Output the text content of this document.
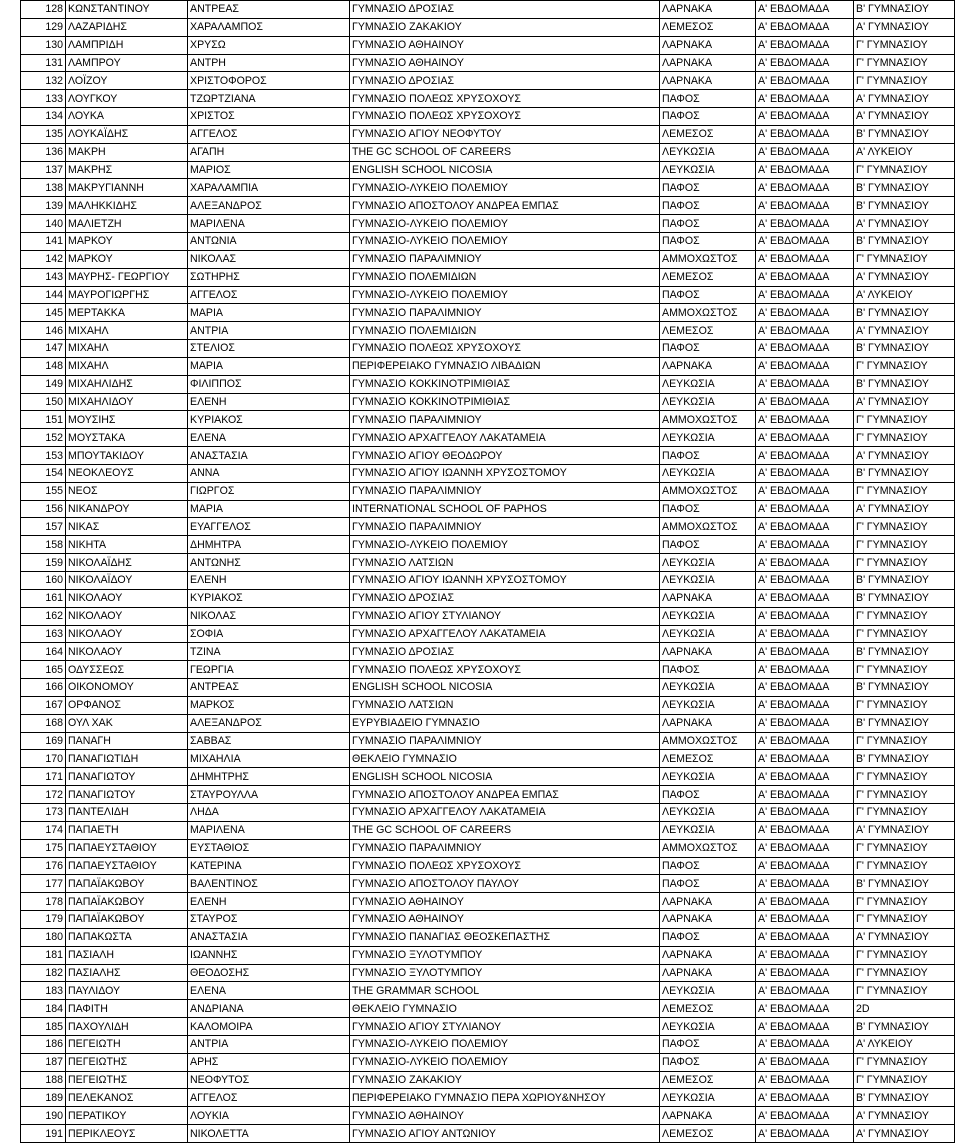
128	ΚΩΝΣΤΑΝΤΙΝΟΥ	ΑΝΤΡΕΑΣ	ΓΥΜΝΑΣΙΟ ΔΡΟΣΙΑΣ	ΛΑΡΝΑΚΑ	Α' ΕΒΔΟΜΑΔΑ	Β' ΓΥΜΝΑΣΙΟΥ
129	ΛΑΖΑΡΙΔΗΣ	ΧΑΡΑΛΑΜΠΟΣ	ΓΥΜΝΑΣΙΟ ΖΑΚΑΚΙΟΥ	ΛΕΜΕΣΟΣ	Α' ΕΒΔΟΜΑΔΑ	Α' ΓΥΜΝΑΣΙΟΥ
130	ΛΑΜΠΡΙΔΗ	ΧΡΥΣΩ	ΓΥΜΝΑΣΙΟ ΑΘΗΑΙΝΟΥ	ΛΑΡΝΑΚΑ	Α' ΕΒΔΟΜΑΔΑ	Γ' ΓΥΜΝΑΣΙΟΥ
131	ΛΑΜΠΡΟΥ	ΑΝΤΡΗ	ΓΥΜΝΑΣΙΟ ΑΘΗΑΙΝΟΥ	ΛΑΡΝΑΚΑ	Α' ΕΒΔΟΜΑΔΑ	Γ' ΓΥΜΝΑΣΙΟΥ
132	ΛΟΪΖΟΥ	ΧΡΙΣΤΟΦΟΡΟΣ	ΓΥΜΝΑΣΙΟ ΔΡΟΣΙΑΣ	ΛΑΡΝΑΚΑ	Α' ΕΒΔΟΜΑΔΑ	Γ' ΓΥΜΝΑΣΙΟΥ
133	ΛΟΥΓΚΟΥ	ΤΖΩΡΤΖΙΑΝΑ	ΓΥΜΝΑΣΙΟ ΠΟΛΕΩΣ ΧΡΥΣΟΧΟΥΣ	ΠΑΦΟΣ	Α' ΕΒΔΟΜΑΔΑ	Α' ΓΥΜΝΑΣΙΟΥ
134	ΛΟΥΚΑ	ΧΡΙΣΤΟΣ	ΓΥΜΝΑΣΙΟ ΠΟΛΕΩΣ ΧΡΥΣΟΧΟΥΣ	ΠΑΦΟΣ	Α' ΕΒΔΟΜΑΔΑ	Α' ΓΥΜΝΑΣΙΟΥ
135	ΛΟΥΚΑΪΔΗΣ	ΑΓΓΕΛΟΣ	ΓΥΜΝΑΣΙΟ ΑΓΙΟΥ ΝΕΟΦΥΤΟΥ	ΛΕΜΕΣΟΣ	Α' ΕΒΔΟΜΑΔΑ	Β' ΓΥΜΝΑΣΙΟΥ
136	ΜΑΚΡΗ	ΑΓΑΠΗ	THE GC SCHOOL OF CAREERS	ΛΕΥΚΩΣΙΑ	Α' ΕΒΔΟΜΑΔΑ	Α' ΛΥΚΕΙΟΥ
137	ΜΑΚΡΗΣ	ΜΑΡΙΟΣ	ENGLISH SCHOOL NICOSIA	ΛΕΥΚΩΣΙΑ	Α' ΕΒΔΟΜΑΔΑ	Γ' ΓΥΜΝΑΣΙΟΥ
138	ΜΑΚΡΥΓΙΑΝΝΗ	ΧΑΡΑΛΑΜΠΙΑ	ΓΥΜΝΑΣΙΟ-ΛΥΚΕΙΟ ΠΟΛΕΜΙΟΥ	ΠΑΦΟΣ	Α' ΕΒΔΟΜΑΔΑ	Β' ΓΥΜΝΑΣΙΟΥ
139	ΜΑΛΗΚΚΙΔΗΣ	ΑΛΕΞΑΝΔΡΟΣ	ΓΥΜΝΑΣΙΟ ΑΠΟΣΤΟΛΟΥ ΑΝΔΡΕΑ ΕΜΠΑΣ	ΠΑΦΟΣ	Α' ΕΒΔΟΜΑΔΑ	Β' ΓΥΜΝΑΣΙΟΥ
140	ΜΑΛΙΕΤΖΗ	ΜΑΡΙΛΕΝΑ	ΓΥΜΝΑΣΙΟ-ΛΥΚΕΙΟ ΠΟΛΕΜΙΟΥ	ΠΑΦΟΣ	Α' ΕΒΔΟΜΑΔΑ	Α' ΓΥΜΝΑΣΙΟΥ
141	ΜΑΡΚΟΥ	ΑΝΤΩΝΙΑ	ΓΥΜΝΑΣΙΟ-ΛΥΚΕΙΟ ΠΟΛΕΜΙΟΥ	ΠΑΦΟΣ	Α' ΕΒΔΟΜΑΔΑ	Β' ΓΥΜΝΑΣΙΟΥ
142	ΜΑΡΚΟΥ	ΝΙΚΟΛΑΣ	ΓΥΜΝΑΣΙΟ ΠΑΡΑΛΙΜΝΙΟΥ	ΑΜΜΟΧΩΣΤΟΣ	Α' ΕΒΔΟΜΑΔΑ	Γ' ΓΥΜΝΑΣΙΟΥ
143	ΜΑΥΡΗΣ- ΓΕΩΡΓΙΟΥ	ΣΩΤΗΡΗΣ	ΓΥΜΝΑΣΙΟ ΠΟΛΕΜΙΔΙΩΝ	ΛΕΜΕΣΟΣ	Α' ΕΒΔΟΜΑΔΑ	Α' ΓΥΜΝΑΣΙΟΥ
144	ΜΑΥΡΟΓΙΩΡΓΗΣ	ΑΓΓΕΛΟΣ	ΓΥΜΝΑΣΙΟ-ΛΥΚΕΙΟ ΠΟΛΕΜΙΟΥ	ΠΑΦΟΣ	Α' ΕΒΔΟΜΑΔΑ	Α' ΛΥΚΕΙΟΥ
145	ΜΕΡΤΑΚΚΑ	ΜΑΡΙΑ	ΓΥΜΝΑΣΙΟ ΠΑΡΑΛΙΜΝΙΟΥ	ΑΜΜΟΧΩΣΤΟΣ	Α' ΕΒΔΟΜΑΔΑ	Β' ΓΥΜΝΑΣΙΟΥ
146	ΜΙΧΑΗΛ	ΑΝΤΡΙΑ	ΓΥΜΝΑΣΙΟ ΠΟΛΕΜΙΔΙΩΝ	ΛΕΜΕΣΟΣ	Α' ΕΒΔΟΜΑΔΑ	Α' ΓΥΜΝΑΣΙΟΥ
147	ΜΙΧΑΗΛ	ΣΤΕΛΙΟΣ	ΓΥΜΝΑΣΙΟ ΠΟΛΕΩΣ ΧΡΥΣΟΧΟΥΣ	ΠΑΦΟΣ	Α' ΕΒΔΟΜΑΔΑ	Β' ΓΥΜΝΑΣΙΟΥ
148	ΜΙΧΑΗΛ	ΜΑΡΙΑ	ΠΕΡΙΦΕΡΕΙΑΚΟ ΓΥΜΝΑΣΙΟ ΛΙΒΑΔΙΩΝ	ΛΑΡΝΑΚΑ	Α' ΕΒΔΟΜΑΔΑ	Γ' ΓΥΜΝΑΣΙΟΥ
149	ΜΙΧΑΗΛΙΔΗΣ	ΦΙΛΙΠΠΟΣ	ΓΥΜΝΑΣΙΟ ΚΟΚΚΙΝΟΤΡΙΜΙΘΙΑΣ	ΛΕΥΚΩΣΙΑ	Α' ΕΒΔΟΜΑΔΑ	Β' ΓΥΜΝΑΣΙΟΥ
150	ΜΙΧΑΗΛΙΔΟΥ	ΕΛΕΝΗ	ΓΥΜΝΑΣΙΟ ΚΟΚΚΙΝΟΤΡΙΜΙΘΙΑΣ	ΛΕΥΚΩΣΙΑ	Α' ΕΒΔΟΜΑΔΑ	Α' ΓΥΜΝΑΣΙΟΥ
151	ΜΟΥΣΙΗΣ	ΚΥΡΙΑΚΟΣ	ΓΥΜΝΑΣΙΟ ΠΑΡΑΛΙΜΝΙΟΥ	ΑΜΜΟΧΩΣΤΟΣ	Α' ΕΒΔΟΜΑΔΑ	Γ' ΓΥΜΝΑΣΙΟΥ
152	ΜΟΥΣΤΑΚΑ	ΕΛΕΝΑ	ΓΥΜΝΑΣΙΟ ΑΡΧΑΓΓΕΛΟΥ ΛΑΚΑΤΑΜΕΙΑ	ΛΕΥΚΩΣΙΑ	Α' ΕΒΔΟΜΑΔΑ	Γ' ΓΥΜΝΑΣΙΟΥ
153	ΜΠΟΥΤΑΚΙΔΟΥ	ΑΝΑΣΤΑΣΙΑ	ΓΥΜΝΑΣΙΟ ΑΓΙΟΥ ΘΕΟΔΩΡΟΥ	ΠΑΦΟΣ	Α' ΕΒΔΟΜΑΔΑ	Α' ΓΥΜΝΑΣΙΟΥ
154	ΝΕΟΚΛΕΟΥΣ	ΑΝΝΑ	ΓΥΜΝΑΣΙΟ ΑΓΙΟΥ ΙΩΑΝΝΗ ΧΡΥΣΟΣΤΟΜΟΥ	ΛΕΥΚΩΣΙΑ	Α' ΕΒΔΟΜΑΔΑ	Β' ΓΥΜΝΑΣΙΟΥ
155	ΝΕΟΣ	ΓΙΩΡΓΟΣ	ΓΥΜΝΑΣΙΟ ΠΑΡΑΛΙΜΝΙΟΥ	ΑΜΜΟΧΩΣΤΟΣ	Α' ΕΒΔΟΜΑΔΑ	Γ' ΓΥΜΝΑΣΙΟΥ
156	ΝΙΚΑΝΔΡΟΥ	ΜΑΡΙΑ	INTERNATIONAL SCHOOL OF PAPHOS	ΠΑΦΟΣ	Α' ΕΒΔΟΜΑΔΑ	Α' ΓΥΜΝΑΣΙΟΥ
157	ΝΙΚΑΣ	ΕΥΑΓΓΕΛΟΣ	ΓΥΜΝΑΣΙΟ ΠΑΡΑΛΙΜΝΙΟΥ	ΑΜΜΟΧΩΣΤΟΣ	Α' ΕΒΔΟΜΑΔΑ	Γ' ΓΥΜΝΑΣΙΟΥ
158	ΝΙΚΗΤΑ	ΔΗΜΗΤΡΑ	ΓΥΜΝΑΣΙΟ-ΛΥΚΕΙΟ ΠΟΛΕΜΙΟΥ	ΠΑΦΟΣ	Α' ΕΒΔΟΜΑΔΑ	Γ' ΓΥΜΝΑΣΙΟΥ
159	ΝΙΚΟΛΑΪΔΗΣ	ΑΝΤΩΝΗΣ	ΓΥΜΝΑΣΙΟ ΛΑΤΣΙΩΝ	ΛΕΥΚΩΣΙΑ	Α' ΕΒΔΟΜΑΔΑ	Γ' ΓΥΜΝΑΣΙΟΥ
160	ΝΙΚΟΛΑΪΔΟΥ	ΕΛΕΝΗ	ΓΥΜΝΑΣΙΟ ΑΓΙΟΥ ΙΩΑΝΝΗ ΧΡΥΣΟΣΤΟΜΟΥ	ΛΕΥΚΩΣΙΑ	Α' ΕΒΔΟΜΑΔΑ	Β' ΓΥΜΝΑΣΙΟΥ
161	ΝΙΚΟΛΑΟΥ	ΚΥΡΙΑΚΟΣ	ΓΥΜΝΑΣΙΟ ΔΡΟΣΙΑΣ	ΛΑΡΝΑΚΑ	Α' ΕΒΔΟΜΑΔΑ	Β' ΓΥΜΝΑΣΙΟΥ
162	ΝΙΚΟΛΑΟΥ	ΝΙΚΟΛΑΣ	ΓΥΜΝΑΣΙΟ ΑΓΙΟΥ ΣΤΥΛΙΑΝΟΥ	ΛΕΥΚΩΣΙΑ	Α' ΕΒΔΟΜΑΔΑ	Γ' ΓΥΜΝΑΣΙΟΥ
163	ΝΙΚΟΛΑΟΥ	ΣΟΦΙΑ	ΓΥΜΝΑΣΙΟ ΑΡΧΑΓΓΕΛΟΥ ΛΑΚΑΤΑΜΕΙΑ	ΛΕΥΚΩΣΙΑ	Α' ΕΒΔΟΜΑΔΑ	Γ' ΓΥΜΝΑΣΙΟΥ
164	ΝΙΚΟΛΑΟΥ	ΤΖΙΝΑ	ΓΥΜΝΑΣΙΟ ΔΡΟΣΙΑΣ	ΛΑΡΝΑΚΑ	Α' ΕΒΔΟΜΑΔΑ	Β' ΓΥΜΝΑΣΙΟΥ
165	ΟΔΥΣΣΕΩΣ	ΓΕΩΡΓΙΑ	ΓΥΜΝΑΣΙΟ ΠΟΛΕΩΣ ΧΡΥΣΟΧΟΥΣ	ΠΑΦΟΣ	Α' ΕΒΔΟΜΑΔΑ	Γ' ΓΥΜΝΑΣΙΟΥ
166	ΟΙΚΟΝΟΜΟΥ	ΑΝΤΡΕΑΣ	ENGLISH SCHOOL NICOSIA	ΛΕΥΚΩΣΙΑ	Α' ΕΒΔΟΜΑΔΑ	Β' ΓΥΜΝΑΣΙΟΥ
167	ΟΡΦΑΝΟΣ	ΜΑΡΚΟΣ	ΓΥΜΝΑΣΙΟ ΛΑΤΣΙΩΝ	ΛΕΥΚΩΣΙΑ	Α' ΕΒΔΟΜΑΔΑ	Γ' ΓΥΜΝΑΣΙΟΥ
168	ΟΥΛ ΧΑΚ	ΑΛΕΞΑΝΔΡΟΣ	ΕΥΡΥΒΙΑΔΕΙΟ ΓΥΜΝΑΣΙΟ	ΛΑΡΝΑΚΑ	Α' ΕΒΔΟΜΑΔΑ	Β' ΓΥΜΝΑΣΙΟΥ
169	ΠΑΝΑΓΗ	ΣΑΒΒΑΣ	ΓΥΜΝΑΣΙΟ ΠΑΡΑΛΙΜΝΙΟΥ	ΑΜΜΟΧΩΣΤΟΣ	Α' ΕΒΔΟΜΑΔΑ	Γ' ΓΥΜΝΑΣΙΟΥ
170	ΠΑΝΑΓΙΩΤΙΔΗ	ΜΙΧΑΗΛΙΑ	ΘΕΚΛΕΙΟ ΓΥΜΝΑΣΙΟ	ΛΕΜΕΣΟΣ	Α' ΕΒΔΟΜΑΔΑ	Β' ΓΥΜΝΑΣΙΟΥ
171	ΠΑΝΑΓΙΩΤΟΥ	ΔΗΜΗΤΡΗΣ	ENGLISH SCHOOL NICOSIA	ΛΕΥΚΩΣΙΑ	Α' ΕΒΔΟΜΑΔΑ	Γ' ΓΥΜΝΑΣΙΟΥ
172	ΠΑΝΑΓΙΩΤΟΥ	ΣΤΑΥΡΟΥΛΛΑ	ΓΥΜΝΑΣΙΟ ΑΠΟΣΤΟΛΟΥ ΑΝΔΡΕΑ ΕΜΠΑΣ	ΠΑΦΟΣ	Α' ΕΒΔΟΜΑΔΑ	Γ' ΓΥΜΝΑΣΙΟΥ
173	ΠΑΝΤΕΛΙΔΗ	ΛΗΔΑ	ΓΥΜΝΑΣΙΟ ΑΡΧΑΓΓΕΛΟΥ ΛΑΚΑΤΑΜΕΙΑ	ΛΕΥΚΩΣΙΑ	Α' ΕΒΔΟΜΑΔΑ	Γ' ΓΥΜΝΑΣΙΟΥ
174	ΠΑΠΑΕΤΗ	ΜΑΡΙΛΕΝΑ	THE GC SCHOOL OF CAREERS	ΛΕΥΚΩΣΙΑ	Α' ΕΒΔΟΜΑΔΑ	Α' ΓΥΜΝΑΣΙΟΥ
175	ΠΑΠΑΕΥΣΤΑΘΙΟΥ	ΕΥΣΤΑΘΙΟΣ	ΓΥΜΝΑΣΙΟ ΠΑΡΑΛΙΜΝΙΟΥ	ΑΜΜΟΧΩΣΤΟΣ	Α' ΕΒΔΟΜΑΔΑ	Γ' ΓΥΜΝΑΣΙΟΥ
176	ΠΑΠΑΕΥΣΤΑΘΙΟΥ	ΚΑΤΕΡΙΝΑ	ΓΥΜΝΑΣΙΟ ΠΟΛΕΩΣ ΧΡΥΣΟΧΟΥΣ	ΠΑΦΟΣ	Α' ΕΒΔΟΜΑΔΑ	Γ' ΓΥΜΝΑΣΙΟΥ
177	ΠΑΠΑΪΑΚΩΒΟΥ	ΒΑΛΕΝΤΙΝΟΣ	ΓΥΜΝΑΣΙΟ ΑΠΟΣΤΟΛΟΥ ΠΑΥΛΟΥ	ΠΑΦΟΣ	Α' ΕΒΔΟΜΑΔΑ	Β' ΓΥΜΝΑΣΙΟΥ
178	ΠΑΠΑΪΑΚΩΒΟΥ	ΕΛΕΝΗ	ΓΥΜΝΑΣΙΟ ΑΘΗΑΙΝΟΥ	ΛΑΡΝΑΚΑ	Α' ΕΒΔΟΜΑΔΑ	Γ' ΓΥΜΝΑΣΙΟΥ
179	ΠΑΠΑΪΑΚΩΒΟΥ	ΣΤΑΥΡΟΣ	ΓΥΜΝΑΣΙΟ ΑΘΗΑΙΝΟΥ	ΛΑΡΝΑΚΑ	Α' ΕΒΔΟΜΑΔΑ	Γ' ΓΥΜΝΑΣΙΟΥ
180	ΠΑΠΑΚΩΣΤΑ	ΑΝΑΣΤΑΣΙΑ	ΓΥΜΝΑΣΙΟ ΠΑΝΑΓΙΑΣ ΘΕΟΣΚΕΠΑΣΤΗΣ	ΠΑΦΟΣ	Α' ΕΒΔΟΜΑΔΑ	Α' ΓΥΜΝΑΣΙΟΥ
181	ΠΑΣΙΑΛΗ	ΙΩΑΝΝΗΣ	ΓΥΜΝΑΣΙΟ ΞΥΛΟΤΥΜΠΟΥ	ΛΑΡΝΑΚΑ	Α' ΕΒΔΟΜΑΔΑ	Γ' ΓΥΜΝΑΣΙΟΥ
182	ΠΑΣΙΑΛΗΣ	ΘΕΟΔΟΣΗΣ	ΓΥΜΝΑΣΙΟ ΞΥΛΟΤΥΜΠΟΥ	ΛΑΡΝΑΚΑ	Α' ΕΒΔΟΜΑΔΑ	Γ' ΓΥΜΝΑΣΙΟΥ
183	ΠΑΥΛΙΔΟΥ	ΕΛΕΝΑ	THE GRAMMAR SCHOOL	ΛΕΥΚΩΣΙΑ	Α' ΕΒΔΟΜΑΔΑ	Γ' ΓΥΜΝΑΣΙΟΥ
184	ΠΑΦΙΤΗ	ΑΝΔΡΙΑΝΑ	ΘΕΚΛΕΙΟ ΓΥΜΝΑΣΙΟ	ΛΕΜΕΣΟΣ	Α' ΕΒΔΟΜΑΔΑ	2D
185	ΠΑΧΟΥΛΙΔΗ	ΚΑΛΟΜΟΙΡΑ	ΓΥΜΝΑΣΙΟ ΑΓΙΟΥ ΣΤΥΛΙΑΝΟΥ	ΛΕΥΚΩΣΙΑ	Α' ΕΒΔΟΜΑΔΑ	Β' ΓΥΜΝΑΣΙΟΥ
186	ΠΕΓΕΙΩΤΗ	ΑΝΤΡΙΑ	ΓΥΜΝΑΣΙΟ-ΛΥΚΕΙΟ ΠΟΛΕΜΙΟΥ	ΠΑΦΟΣ	Α' ΕΒΔΟΜΑΔΑ	Α' ΛΥΚΕΙΟΥ
187	ΠΕΓΕΙΩΤΗΣ	ΑΡΗΣ	ΓΥΜΝΑΣΙΟ-ΛΥΚΕΙΟ ΠΟΛΕΜΙΟΥ	ΠΑΦΟΣ	Α' ΕΒΔΟΜΑΔΑ	Γ' ΓΥΜΝΑΣΙΟΥ
188	ΠΕΓΕΙΩΤΗΣ	ΝΕΟΦΥΤΟΣ	ΓΥΜΝΑΣΙΟ ΖΑΚΑΚΙΟΥ	ΛΕΜΕΣΟΣ	Α' ΕΒΔΟΜΑΔΑ	Γ' ΓΥΜΝΑΣΙΟΥ
189	ΠΕΛΕΚΑΝΟΣ	ΑΓΓΕΛΟΣ	ΠΕΡΙΦΕΡΕΙΑΚΟ ΓΥΜΝΑΣΙΟ ΠΕΡΑ ΧΩΡΙΟΥ&ΝΗΣΟΥ	ΛΕΥΚΩΣΙΑ	Α' ΕΒΔΟΜΑΔΑ	Β' ΓΥΜΝΑΣΙΟΥ
190	ΠΕΡΑΤΙΚΟΥ	ΛΟΥΚΙΑ	ΓΥΜΝΑΣΙΟ ΑΘΗΑΙΝΟΥ	ΛΑΡΝΑΚΑ	Α' ΕΒΔΟΜΑΔΑ	Α' ΓΥΜΝΑΣΙΟΥ
191	ΠΕΡΙΚΛΕΟΥΣ	ΝΙΚΟΛΕΤΤΑ	ΓΥΜΝΑΣΙΟ ΑΓΙΟΥ ΑΝΤΩΝΙΟΥ	ΛΕΜΕΣΟΣ	Α' ΕΒΔΟΜΑΔΑ	Α' ΓΥΜΝΑΣΙΟΥ
